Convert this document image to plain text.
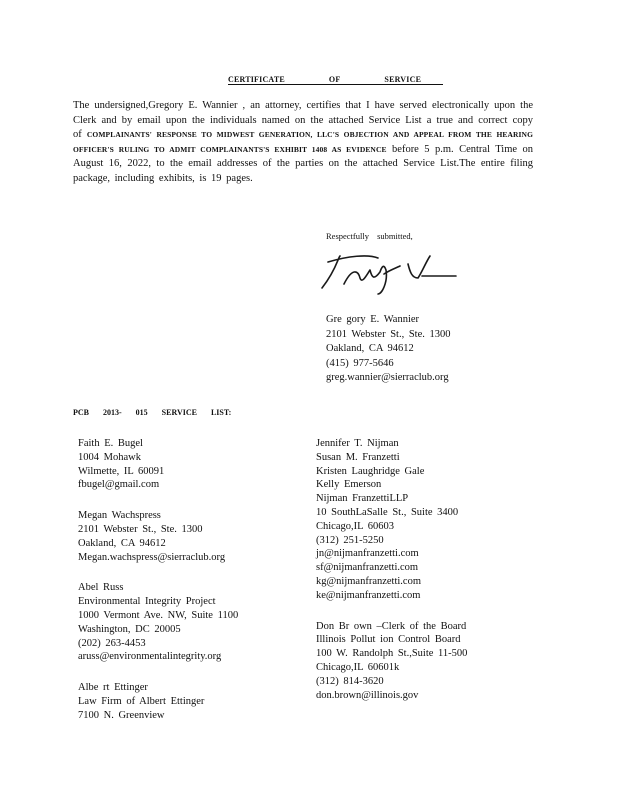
CERTIFICATE	OF	SERVICE
The undersigned,Gregory E. Wannier , an attorney, certifies that I have served electronically upon the Clerk and by email upon the individuals named on the attached Service List a true and correct copy of COMPLAINANTS' RESPONSE TO MIDWEST GENERATION, LLC'S OBJECTION AND APPEAL FROM THE HEARING OFFICER'S RULING TO ADMIT COMPLAINANTS'S EXHIBIT 1408 AS EVIDENCE before 5 p.m. Central Time on August 16, 2022, to the email addresses of the parties on the attached Service List.The entire filing package, including exhibits, is 19 pages.
Respectfully submitted,
Gre gory E. Wannier
2101 Webster St., Ste. 1300
Oakland, CA 94612
(415) 977-5646
greg.wannier@sierraclub.org
PCB 2013- 015 SERVICE LIST:
Faith E. Bugel
1004 Mohawk
Wilmette, IL 60091
fbugel@gmail.com
Megan Wachspress
2101 Webster St., Ste. 1300
Oakland, CA 94612
Megan.wachspress@sierraclub.org
Abel Russ
Environmental Integrity Project
1000 Vermont Ave. NW, Suite 1100
Washington, DC 20005
(202) 263-4453
aruss@environmentalintegrity.org
Albe rt Ettinger
Law Firm of Albert Ettinger
7100 N. Greenview
Jennifer T. Nijman
Susan M. Franzetti
Kristen Laughridge Gale
Kelly Emerson
Nijman FranzettiLLP
10 SouthLaSalle St., Suite 3400
Chicago,IL 60603
(312) 251-5250
jn@nijmanfranzetti.com
sf@nijmanfranzetti.com
kg@nijmanfranzetti.com
ke@nijmanfranzetti.com
Don Br own –Clerk of the Board
Illinois Pollut ion Control Board
100 W. Randolph St.,Suite 11-500
Chicago,IL 60601k
(312) 814-3620
don.brown@illinois.gov
